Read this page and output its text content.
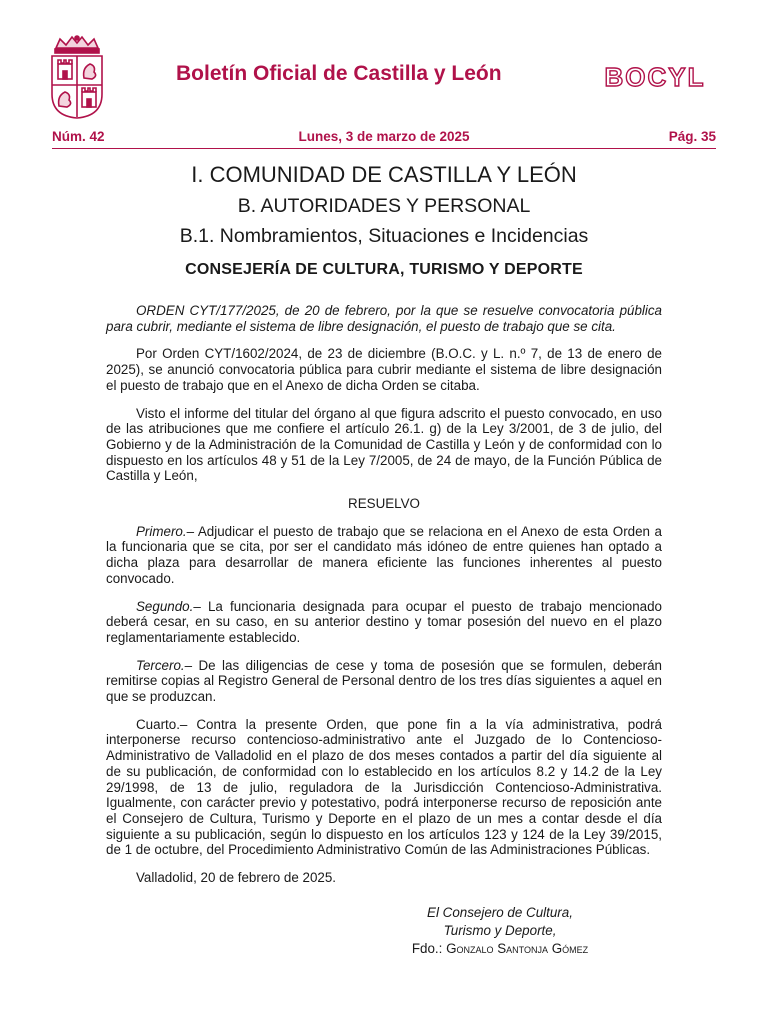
Boletín Oficial de Castilla y León	BOCYL
Núm. 42	Lunes, 3 de marzo de 2025	Pág. 35
I. COMUNIDAD DE CASTILLA Y LEÓN
B. AUTORIDADES Y PERSONAL
B.1. Nombramientos, Situaciones e Incidencias
CONSEJERÍA DE CULTURA, TURISMO Y DEPORTE

ORDEN CYT/177/2025, de 20 de febrero, por la que se resuelve convocatoria pública para cubrir, mediante el sistema de libre designación, el puesto de trabajo que se cita.

Por Orden CYT/1602/2024, de 23 de diciembre (B.O.C. y L. n.º 7, de 13 de enero de 2025), se anunció convocatoria pública para cubrir mediante el sistema de libre designación el puesto de trabajo que en el Anexo de dicha Orden se citaba.

Visto el informe del titular del órgano al que figura adscrito el puesto convocado, en uso de las atribuciones que me confiere el artículo 26.1. g) de la Ley 3/2001, de 3 de julio, del Gobierno y de la Administración de la Comunidad de Castilla y León y de conformidad con lo dispuesto en los artículos 48 y 51 de la Ley 7/2005, de 24 de mayo, de la Función Pública de Castilla y León,

RESUELVO

Primero.– Adjudicar el puesto de trabajo que se relaciona en el Anexo de esta Orden a la funcionaria que se cita, por ser el candidato más idóneo de entre quienes han optado a dicha plaza para desarrollar de manera eficiente las funciones inherentes al puesto convocado.

Segundo.– La funcionaria designada para ocupar el puesto de trabajo mencionado deberá cesar, en su caso, en su anterior destino y tomar posesión del nuevo en el plazo reglamentariamente establecido.

Tercero.– De las diligencias de cese y toma de posesión que se formulen, deberán remitirse copias al Registro General de Personal dentro de los tres días siguientes a aquel en que se produzcan.

Cuarto.– Contra la presente Orden, que pone fin a la vía administrativa, podrá interponerse recurso contencioso-administrativo ante el Juzgado de lo Contencioso-Administrativo de Valladolid en el plazo de dos meses contados a partir del día siguiente al de su publicación, de conformidad con lo establecido en los artículos 8.2 y 14.2 de la Ley 29/1998, de 13 de julio, reguladora de la Jurisdicción Contencioso-Administrativa. Igualmente, con carácter previo y potestativo, podrá interponerse recurso de reposición ante el Consejero de Cultura, Turismo y Deporte en el plazo de un mes a contar desde el día siguiente a su publicación, según lo dispuesto en los artículos 123 y 124 de la Ley 39/2015, de 1 de octubre, del Procedimiento Administrativo Común de las Administraciones Públicas.

Valladolid, 20 de febrero de 2025.

El Consejero de Cultura,
Turismo y Deporte,
Fdo.: Gonzalo Santonja Gómez
